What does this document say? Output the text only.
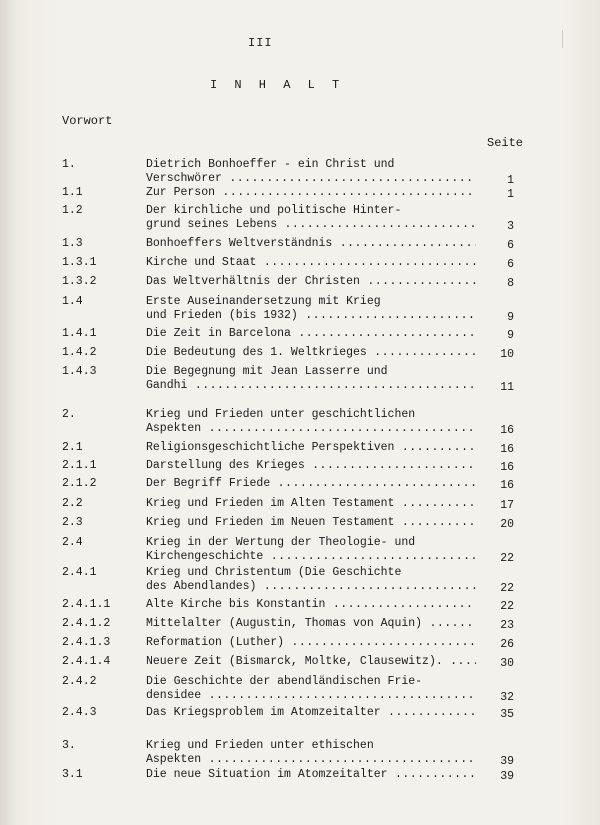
III
I N H A L T
Vorwort
Seite
1.	Dietrich Bonhoeffer - ein Christ und
Verschwörer .....	1
1.1	Zur Person .....	1
1.2	Der kirchliche und politische Hinter-
grund seines Lebens .....	3
1.3	Bonhoeffers Weltverständnis .....	6
1.3.1	Kirche und Staat .....	6
1.3.2	Das Weltverhältnis der Christen .....	8
1.4	Erste Auseinandersetzung mit Krieg
und Frieden (bis 1932) .....	9
1.4.1	Die Zeit in Barcelona .....	9
1.4.2	Die Bedeutung des 1. Weltkrieges .....	10
1.4.3	Die Begegnung mit Jean Lasserre und
Gandhi .....	11
2.	Krieg und Frieden unter geschichtlichen
Aspekten .....	16
2.1	Religionsgeschichtliche Perspektiven .....	16
2.1.1	Darstellung des Krieges .....	16
2.1.2	Der Begriff Friede .....	16
2.2	Krieg und Frieden im Alten Testament .....	17
2.3	Krieg und Frieden im Neuen Testament .....	20
2.4	Krieg in der Wertung der Theologie- und
Kirchengeschichte .....	22
2.4.1	Krieg und Christentum (Die Geschichte
des Abendlandes) .....	22
2.4.1.1	Alte Kirche bis Konstantin .....	22
2.4.1.2	Mittelalter (Augustin, Thomas von Aquin) .....	23
2.4.1.3	Reformation (Luther) .....	26
2.4.1.4	Neuere Zeit (Bismarck, Moltke, Clausewitz). .....	30
2.4.2	Die Geschichte der abendländischen Frie-
densidee .....	32
2.4.3	Das Kriegsproblem im Atomzeitalter .....	35
3.	Krieg und Frieden unter ethischen
Aspekten .....	39
3.1	Die neue Situation im Atomzeitalter .....	39
